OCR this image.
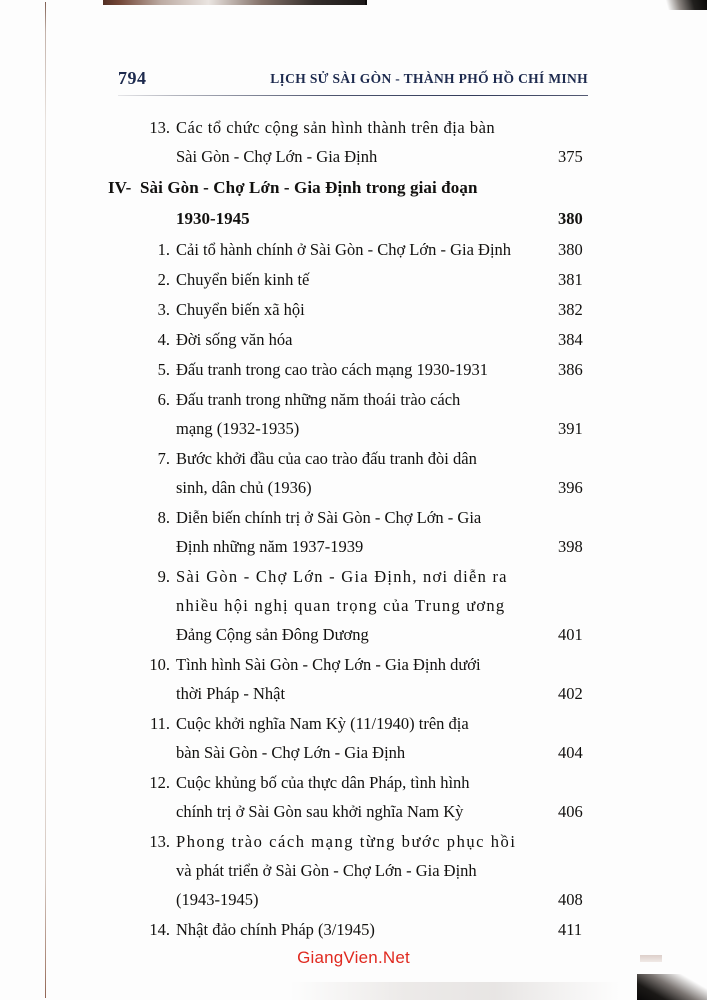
794	LỊCH SỬ SÀI GÒN - THÀNH PHỐ HỒ CHÍ MINH
13. Các tổ chức cộng sản hình thành trên địa bàn
Sài Gòn - Chợ Lớn - Gia Định	375
IV- Sài Gòn - Chợ Lớn - Gia Định trong giai đoạn
1930-1945	380
1. Cải tổ hành chính ở Sài Gòn - Chợ Lớn - Gia Định	380
2. Chuyển biến kinh tế	381
3. Chuyển biến xã hội	382
4. Đời sống văn hóa	384
5. Đấu tranh trong cao trào cách mạng 1930-1931	386
6. Đấu tranh trong những năm thoái trào cách
mạng (1932-1935)	391
7. Bước khởi đầu của cao trào đấu tranh đòi dân
sinh, dân chủ (1936)	396
8. Diễn biến chính trị ở Sài Gòn - Chợ Lớn - Gia
Định những năm 1937-1939	398
9. Sài Gòn - Chợ Lớn - Gia Định, nơi diễn ra
nhiều hội nghị quan trọng của Trung ương
Đảng Cộng sản Đông Dương	401
10. Tình hình Sài Gòn - Chợ Lớn - Gia Định dưới
thời Pháp - Nhật	402
11. Cuộc khởi nghĩa Nam Kỳ (11/1940) trên địa
bàn Sài Gòn - Chợ Lớn - Gia Định	404
12. Cuộc khủng bố của thực dân Pháp, tình hình
chính trị ở Sài Gòn sau khởi nghĩa Nam Kỳ	406
13. Phong trào cách mạng từng bước phục hồi
và phát triển ở Sài Gòn - Chợ Lớn - Gia Định
(1943-1945)	408
14. Nhật đảo chính Pháp (3/1945)	411
GiangVien.Net
